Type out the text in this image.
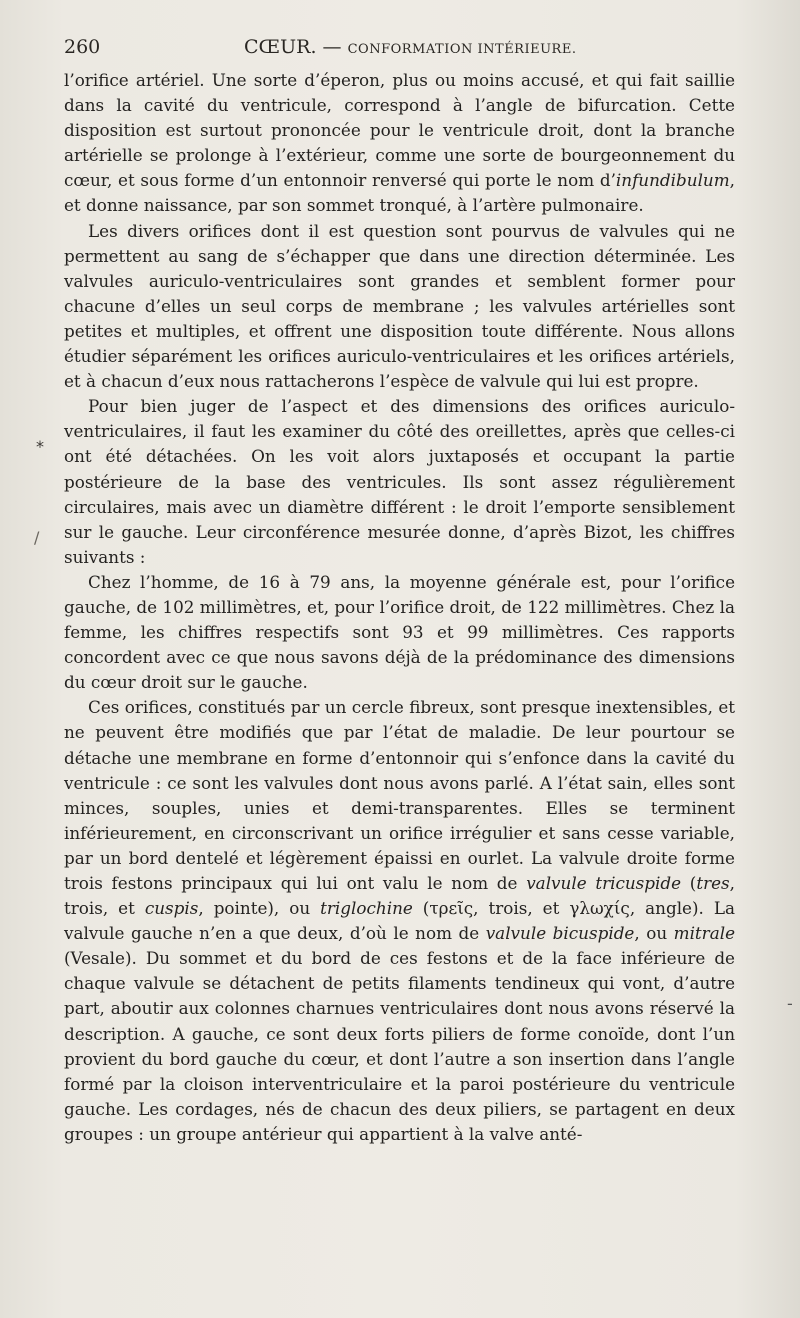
260	CŒUR. — CONFORMATION INTÉRIEURE.

l’orifice artériel. Une sorte d’éperon, plus ou moins accusé, et qui fait saillie dans la cavité du ventricule, correspond à l’angle de bifurcation. Cette disposition est surtout prononcée pour le ventricule droit, dont la branche artérielle se prolonge à l’extérieur, comme une sorte de bourgeonnement du cœur, et sous forme d’un entonnoir renversé qui porte le nom d’infundibulum, et donne naissance, par son sommet tronqué, à l’artère pulmonaire.

Les divers orifices dont il est question sont pourvus de valvules qui ne permettent au sang de s’échapper que dans une direction déterminée. Les valvules auriculo-ventriculaires sont grandes et semblent former pour chacune d’elles un seul corps de membrane ; les valvules artérielles sont petites et multiples, et offrent une disposition toute différente. Nous allons étudier séparément les orifices auriculo-ventriculaires et les orifices artériels, et à chacun d’eux nous rattacherons l’espèce de valvule qui lui est propre.

Pour bien juger de l’aspect et des dimensions des orifices auriculo-ventriculaires, il faut les examiner du côté des oreillettes, après que celles-ci ont été détachées. On les voit alors juxtaposés et occupant la partie postérieure de la base des ventricules. Ils sont assez régulièrement circulaires, mais avec un diamètre différent : le droit l’emporte sensiblement sur le gauche. Leur circonférence mesurée donne, d’après Bizot, les chiffres suivants :

Chez l’homme, de 16 à 79 ans, la moyenne générale est, pour l’orifice gauche, de 102 millimètres, et, pour l’orifice droit, de 122 millimètres. Chez la femme, les chiffres respectifs sont 93 et 99 millimètres. Ces rapports concordent avec ce que nous savons déjà de la prédominance des dimensions du cœur droit sur le gauche.

Ces orifices, constitués par un cercle fibreux, sont presque inextensibles, et ne peuvent être modifiés que par l’état de maladie. De leur pourtour se détache une membrane en forme d’entonnoir qui s’enfonce dans la cavité du ventricule : ce sont les valvules dont nous avons parlé. A l’état sain, elles sont minces, souples, unies et demi-transparentes. Elles se terminent inférieurement, en circonscrivant un orifice irrégulier et sans cesse variable, par un bord dentelé et légèrement épaissi en ourlet. La valvule droite forme trois festons principaux qui lui ont valu le nom de valvule tricuspide (tres, trois, et cuspis, pointe), ou triglochine (τρεῖς, trois, et γλωχίς, angle). La valvule gauche n’en a que deux, d’où le nom de valvule bicuspide, ou mitrale (Vesale). Du sommet et du bord de ces festons et de la face inférieure de chaque valvule se détachent de petits filaments tendineux qui vont, d’autre part, aboutir aux colonnes charnues ventriculaires dont nous avons réservé la description. A gauche, ce sont deux forts piliers de forme conoïde, dont l’un provient du bord gauche du cœur, et dont l’autre a son insertion dans l’angle formé par la cloison interventriculaire et la paroi postérieure du ventricule gauche. Les cordages, nés de chacun des deux piliers, se partagent en deux groupes : un groupe antérieur qui appartient à la valve anté-

*
/
-
